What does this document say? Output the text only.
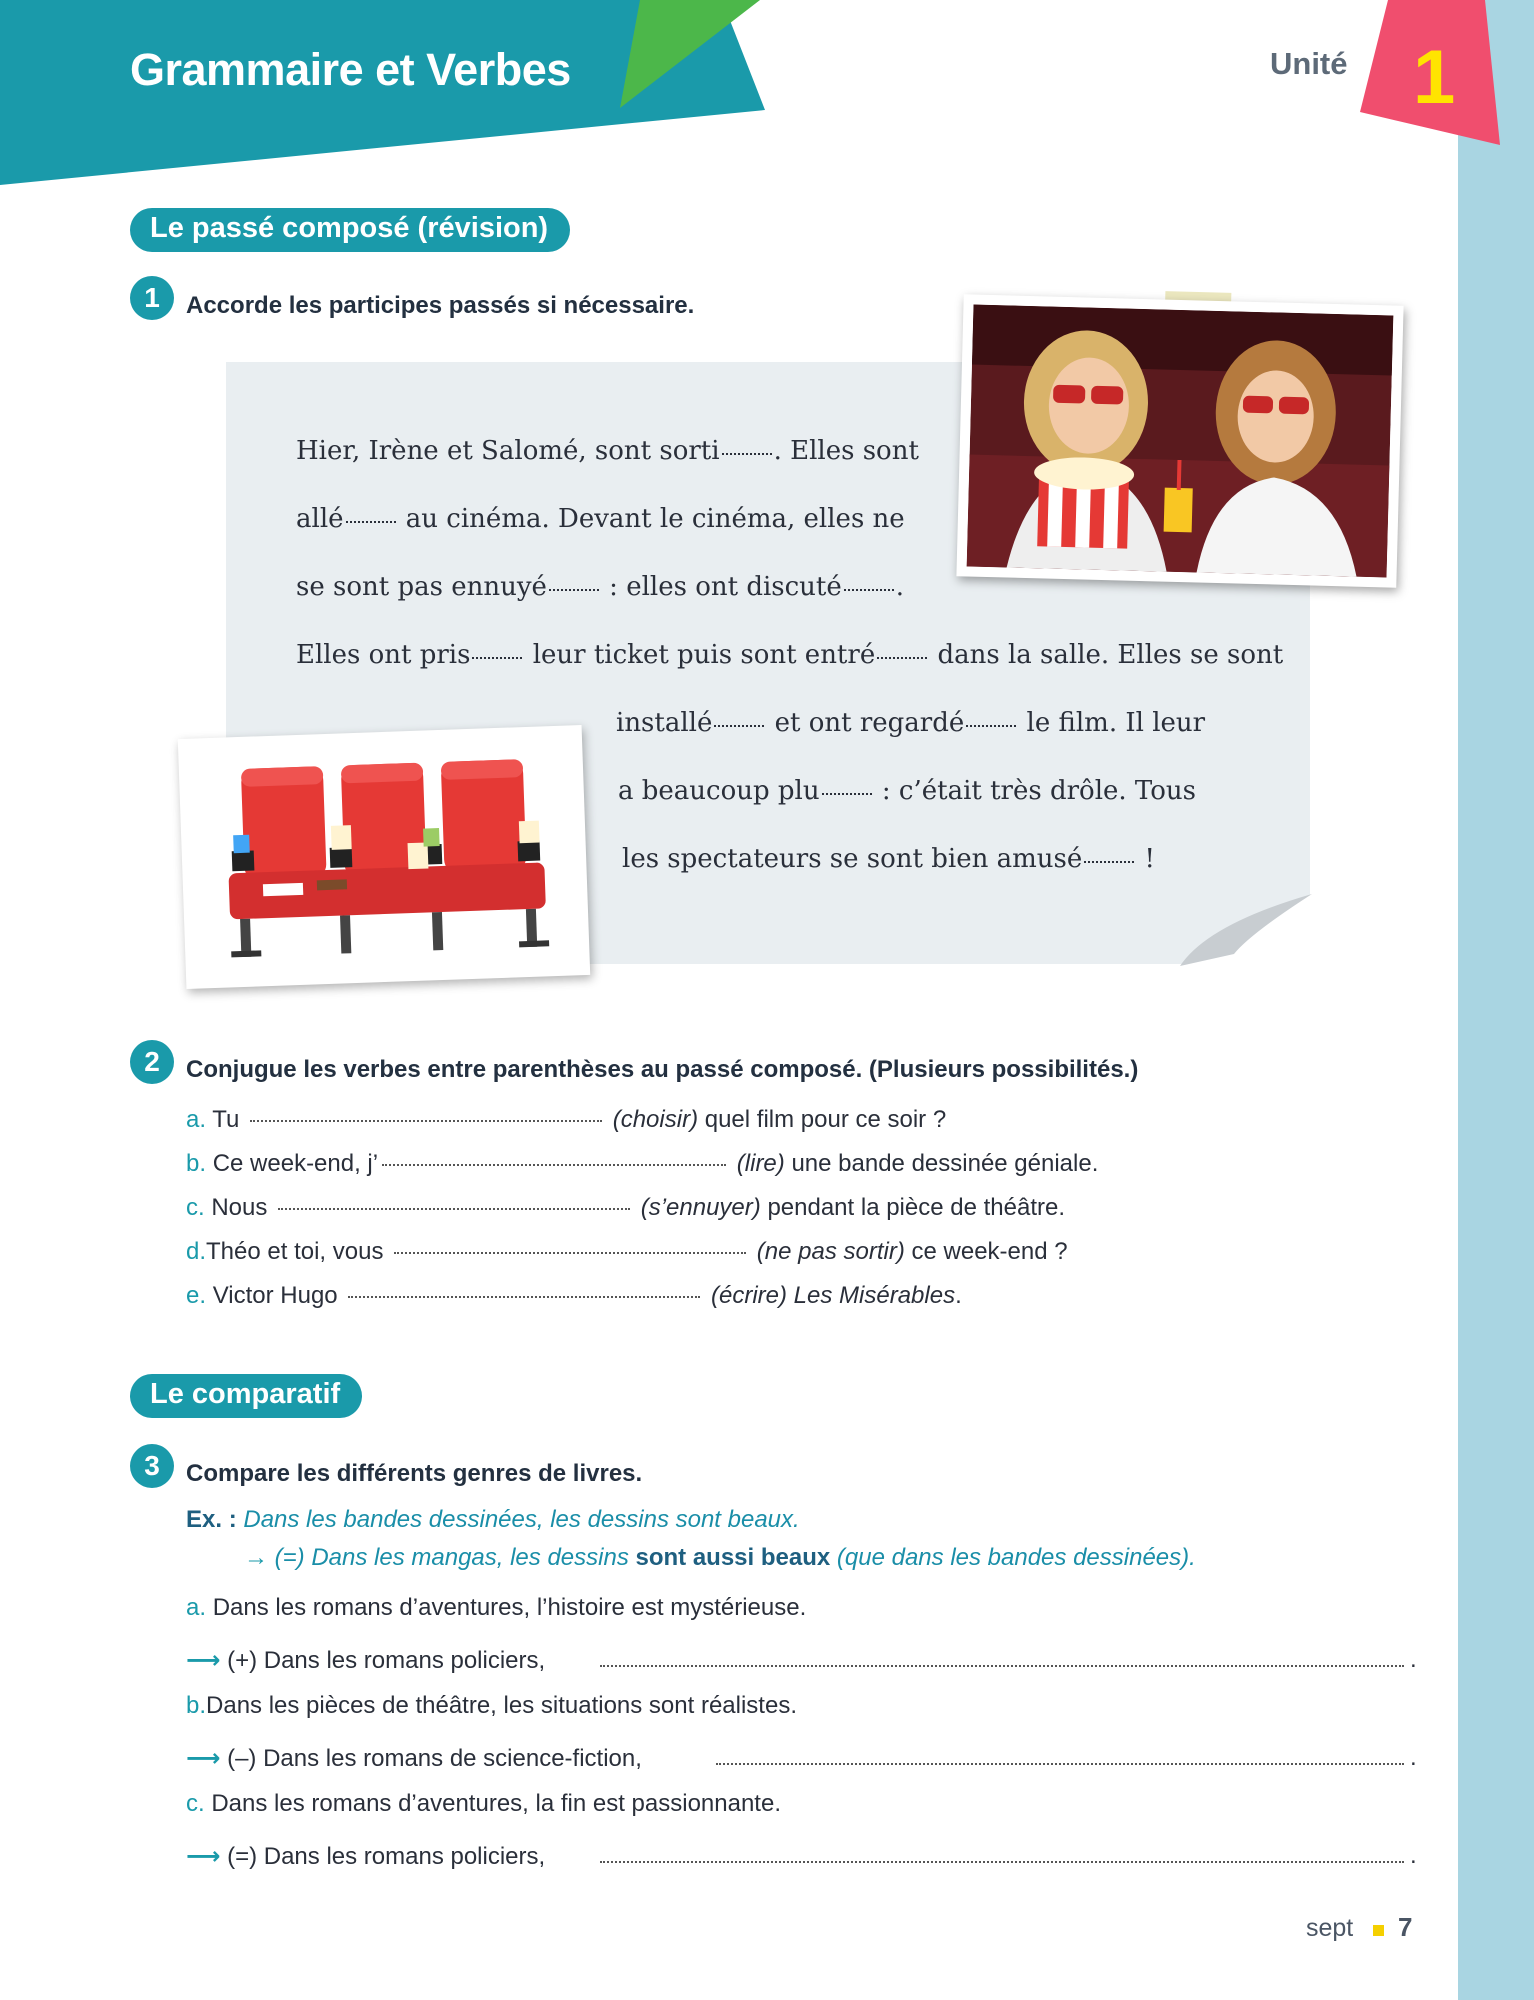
Grammaire et Verbes	Unité 1
Le passé composé (révision)
1	Accorde les participes passés si nécessaire.
Hier, Irène et Salomé, sont sorti . Elles sont
allé au cinéma. Devant le cinéma, elles ne
se sont pas ennuyé : elles ont discuté .
Elles ont pris leur ticket puis sont entré dans la salle. Elles se sont
installé et ont regardé le film. Il leur
a beaucoup plu : c’était très drôle. Tous
les spectateurs se sont bien amusé !
2	Conjugue les verbes entre parenthèses au passé composé. (Plusieurs possibilités.)
a. Tu	(choisir) quel film pour ce soir ?
b. Ce week-end, j’	(lire) une bande dessinée géniale.
c. Nous	(s’ennuyer) pendant la pièce de théâtre.
d.Théo et toi, vous	(ne pas sortir) ce week-end ?
e. Victor Hugo	(écrire) Les Misérables.
Le comparatif
3	Compare les différents genres de livres.
Ex. : Dans les bandes dessinées, les dessins sont beaux.
→ (=) Dans les mangas, les dessins sont aussi beaux (que dans les bandes dessinées).
a. Dans les romans d’aventures, l’histoire est mystérieuse.
⟶ (+) Dans les romans policiers,	.
b.Dans les pièces de théâtre, les situations sont réalistes.
⟶ (–) Dans les romans de science-fiction,	.
c. Dans les romans d’aventures, la fin est passionnante.
⟶ (=) Dans les romans policiers,	.
sept 7
